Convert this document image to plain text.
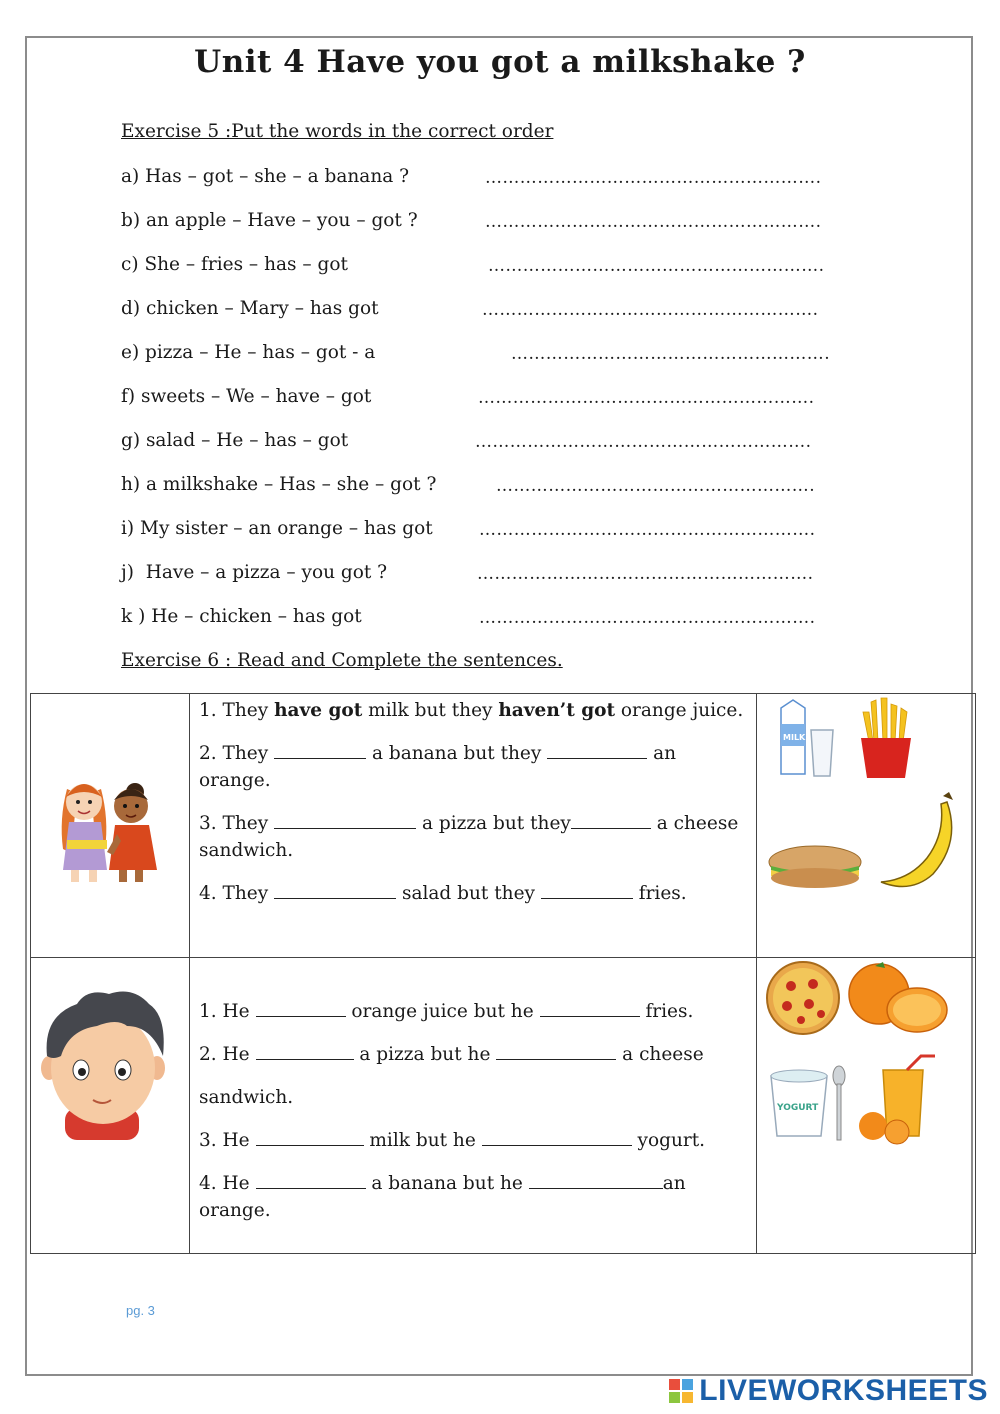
Unit 4 Have you got a milkshake ?
Exercise 5 :Put the words in the correct order
a) Has – got – she – a banana ?	………………………………………………….
b) an apple – Have – you – got ?	………………………………………………….
c) She – fries – has – got	………………………………………………….
d) chicken – Mary – has got	………………………………………………….
e) pizza – He – has – got - a	……………………………………………….
f) sweets – We – have – got	………………………………………………….
g) salad – He – has – got	………………………………………………….
h) a milkshake – Has – she – got ?	……………………………………………….
i) My sister – an orange – has got	………………………………………………….
j)  Have – a pizza – you got ?	………………………………………………….
k ) He – chicken – has got	………………………………………………….
Exercise 6 : Read and Complete the sentences.

1. They have got milk but they haven’t got orange juice.

2. They a banana but they an orange.

3. They a pizza but they a cheese sandwich.

4. They salad but they fries.	MILK

1. He orange juice but he fries.

2. He a pizza but he a cheese

sandwich.

3. He milk but he yogurt.

4. He a banana but he an orange.	YOGURT
pg. 3
LIVEWORKSHEETS
